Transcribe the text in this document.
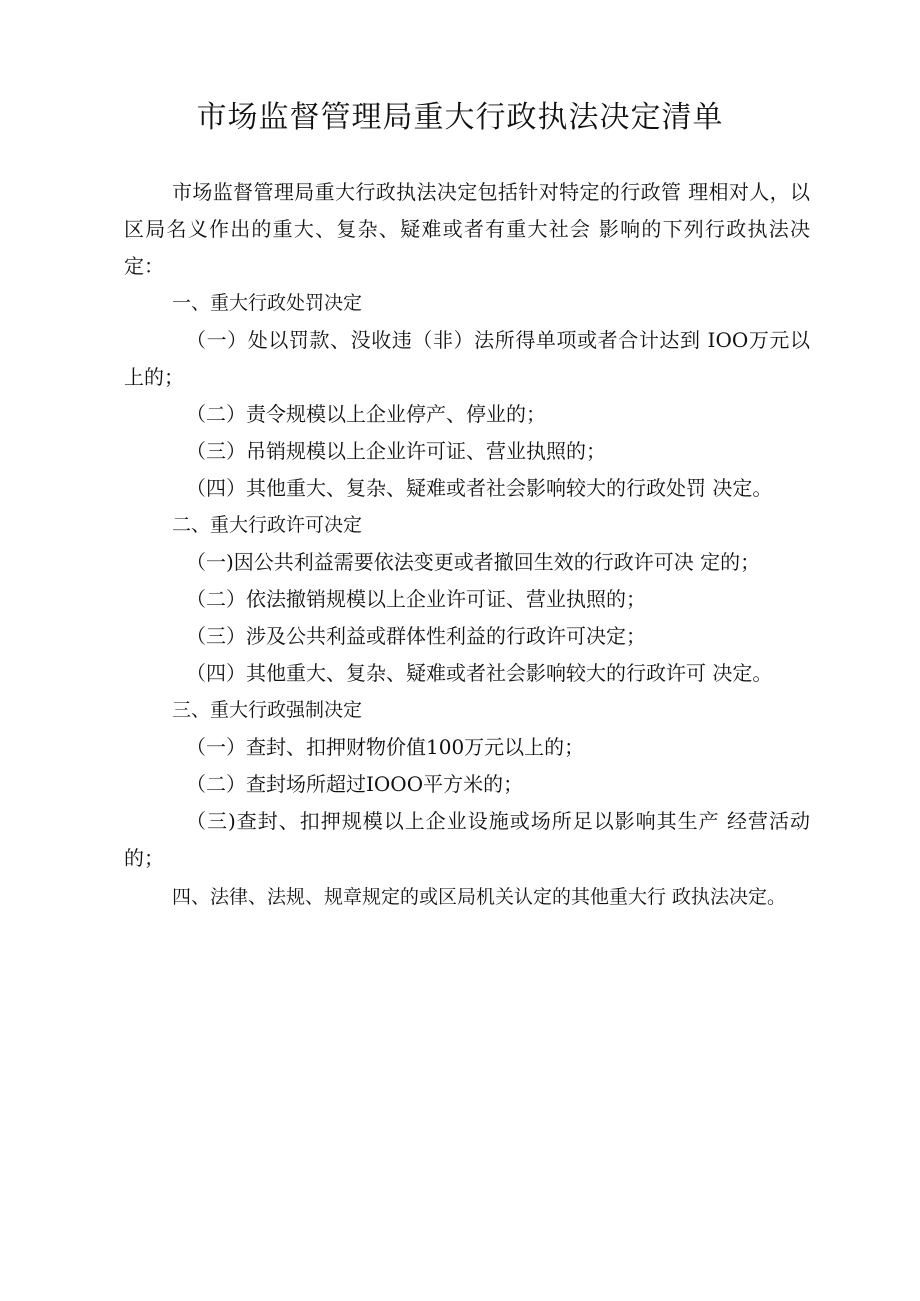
市场监督管理局重大行政执法决定清单

市场监督管理局重大行政执法决定包括针对特定的行政管 理相对人，以区局名义作出的重大、复杂、疑难或者有重大社会 影响的下列行政执法决定：

一、重大行政处罚决定

（一）处以罚款、没收违（非）法所得单项或者合计达到 IOO万元以上的；

（二）责令规模以上企业停产、停业的；

（三）吊销规模以上企业许可证、营业执照的；

（四）其他重大、复杂、疑难或者社会影响较大的行政处罚 决定。

二、重大行政许可决定

（一)因公共利益需要依法变更或者撤回生效的行政许可决 定的；

（二）依法撤销规模以上企业许可证、营业执照的；

（三）涉及公共利益或群体性利益的行政许可决定；

（四）其他重大、复杂、疑难或者社会影响较大的行政许可 决定。

三、重大行政强制决定

（一）查封、扣押财物价值100万元以上的；

（二）查封场所超过IOOO平方米的；

（三)查封、扣押规模以上企业设施或场所足以影响其生产 经营活动的；

四、法律、法规、规章规定的或区局机关认定的其他重大行 政执法决定。
